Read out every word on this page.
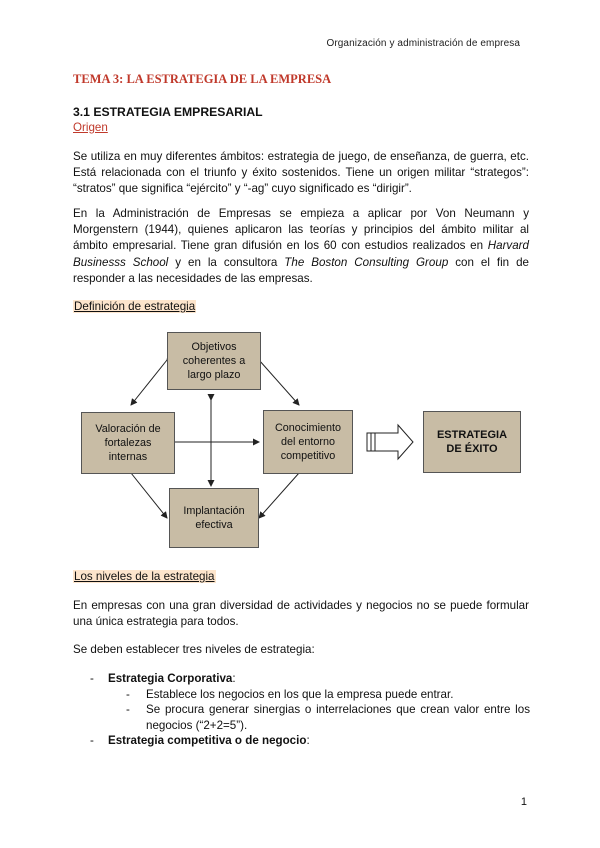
Organización y administración de empresa
TEMA 3: LA ESTRATEGIA DE LA EMPRESA
3.1 ESTRATEGIA EMPRESARIAL
Origen

Se utiliza en muy diferentes ámbitos: estrategia de juego, de enseñanza, de guerra, etc. Está relacionada con el triunfo y éxito sostenidos. Tiene un origen militar “strategos”: “stratos” que significa “ejército” y “-ag” cuyo significado es “dirigir”.

En la Administración de Empresas se empieza a aplicar por Von Neumann y Morgenstern (1944), quienes aplicaron las teorías y principios del ámbito militar al ámbito empresarial. Tiene gran difusión en los 60 con estudios realizados en Harvard Businesss School y en la consultora The Boston Consulting Group con el fin de responder a las necesidades de las empresas.

Definición de estrategia
Objetivos
coherentes a
largo plazo
Valoración de
fortalezas
internas
Conocimiento
del entorno
competitivo
Implantación
efectiva
ESTRATEGIA
DE ÉXITO
Los niveles de la estrategia

En empresas con una gran diversidad de actividades y negocios no se puede formular una única estrategia para todos.

Se deben establecer tres niveles de estrategia:

- Estrategia Corporativa:
- Establece los negocios en los que la empresa puede entrar.
- Se procura generar sinergias o interrelaciones que crean valor entre los negocios (“2+2=5”).
- Estrategia competitiva o de negocio:
1
